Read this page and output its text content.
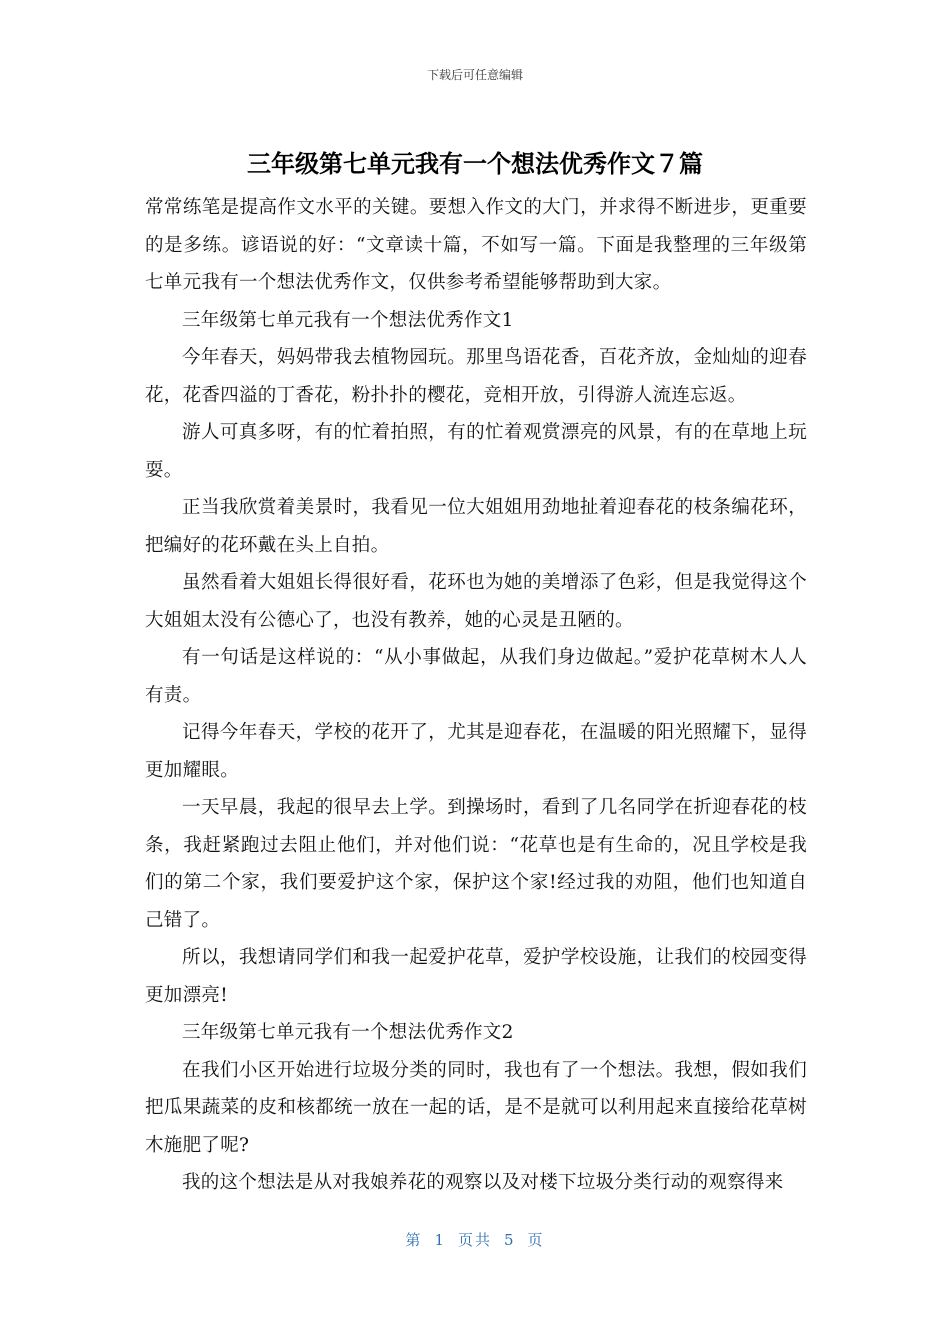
下载后可任意编辑
三年级第七单元我有一个想法优秀作文７篇

常常练笔是提高作文水平的关键。要想入作文的大门，并求得不断进步，更重要的是多练。谚语说的好：“文章读十篇，不如写一篇。下面是我整理的三年级第七单元我有一个想法优秀作文，仅供参考希望能够帮助到大家。

三年级第七单元我有一个想法优秀作文1

今年春天，妈妈带我去植物园玩。那里鸟语花香，百花齐放，金灿灿的迎春花，花香四溢的丁香花，粉扑扑的樱花，竞相开放，引得游人流连忘返。

游人可真多呀，有的忙着拍照，有的忙着观赏漂亮的风景，有的在草地上玩耍。

正当我欣赏着美景时，我看见一位大姐姐用劲地扯着迎春花的枝条编花环，把编好的花环戴在头上自拍。

虽然看着大姐姐长得很好看，花环也为她的美增添了色彩，但是我觉得这个大姐姐太没有公德心了，也没有教养，她的心灵是丑陋的。

有一句话是这样说的：“从小事做起，从我们身边做起。”爱护花草树木人人有责。

记得今年春天，学校的花开了，尤其是迎春花，在温暖的阳光照耀下，显得更加耀眼。

一天早晨，我起的很早去上学。到操场时，看到了几名同学在折迎春花的枝条，我赶紧跑过去阻止他们，并对他们说：“花草也是有生命的，况且学校是我们的第二个家，我们要爱护这个家，保护这个家!经过我的劝阻，他们也知道自己错了。

所以，我想请同学们和我一起爱护花草，爱护学校设施，让我们的校园变得更加漂亮!

三年级第七单元我有一个想法优秀作文2

在我们小区开始进行垃圾分类的同时，我也有了一个想法。我想，假如我们把瓜果蔬菜的皮和核都统一放在一起的话，是不是就可以利用起来直接给花草树木施肥了呢?

我的这个想法是从对我娘养花的观察以及对楼下垃圾分类行动的观察得来

第 1 页共 5 页
